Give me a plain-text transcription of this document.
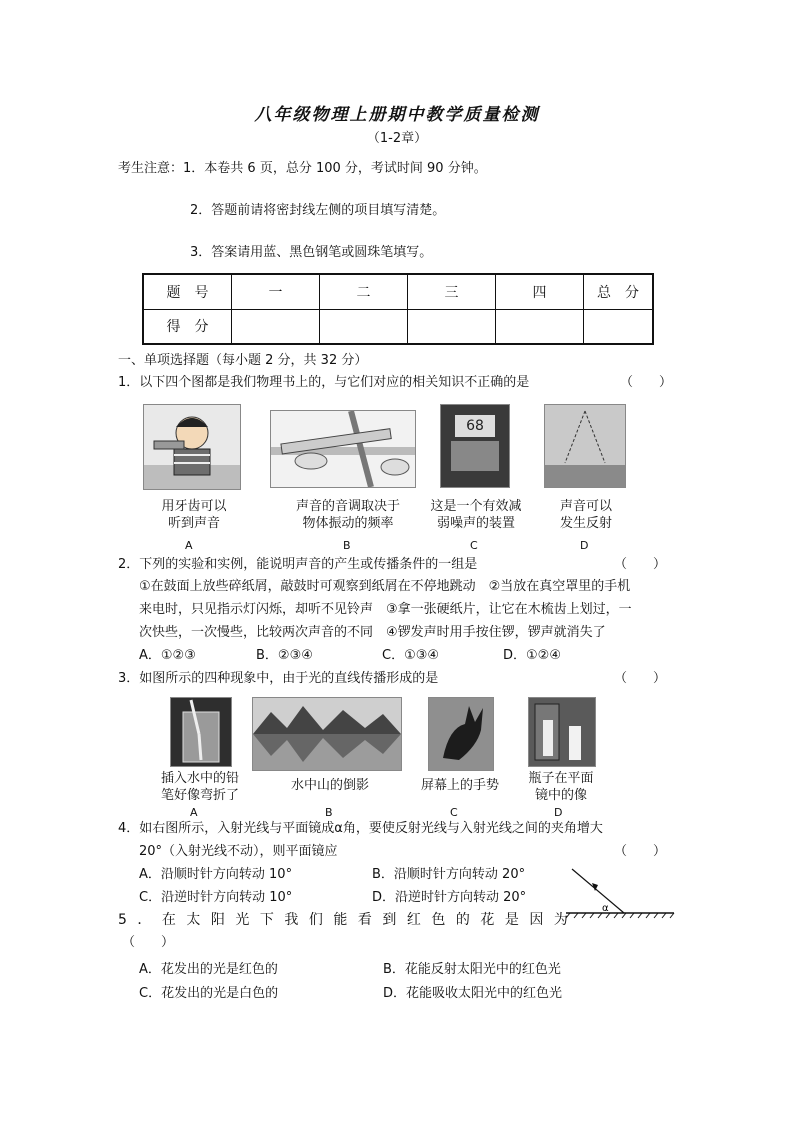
八年级物理上册期中教学质量检测
（1-2章）
考生注意：1．本卷共 6 页，总分 100 分，考试时间 90 分钟。
2．答题前请将密封线左侧的项目填写清楚。
3．答案请用蓝、黑色钢笔或圆珠笔填写。
题　号	一	二	三	四	总　分
得　分					
一、单项选择题（每小题 2 分，共 32 分）
1．以下四个图都是我们物理书上的，与它们对应的相关知识不正确的是	（　　）
68
用牙齿可以
听到声音
声音的音调取决于
物体振动的频率
这是一个有效减
弱噪声的装置
声音可以
发生反射
A	B	C	D
2．下列的实验和实例，能说明声音的产生或传播条件的一组是	（　　）
①在鼓面上放些碎纸屑，敲鼓时可观察到纸屑在不停地跳动　②当放在真空罩里的手机
来电时，只见指示灯闪烁，却听不见铃声　③拿一张硬纸片，让它在木梳齿上划过，一
次快些，一次慢些，比较两次声音的不同　④锣发声时用手按住锣，锣声就消失了
A．①②③	B．②③④	C．①③④	D．①②④
3．如图所示的四种现象中，由于光的直线传播形成的是	（　　）
插入水中的铅
笔好像弯折了
水中山的倒影	屏幕上的手势	瓶子在平面
镜中的像
A	B	C	D
4．如右图所示，入射光线与平面镜成α角，要使反射光线与入射光线之间的夹角增大
20°（入射光线不动），则平面镜应	（　　）
A．沿顺时针方向转动 10°	B．沿顺时针方向转动 20°
C．沿逆时针方向转动 10°	D．沿逆时针方向转动 20°
α
5．在太阳光下我们能看到红色的花是因为
（　　）
A．花发出的光是红色的	B．花能反射太阳光中的红色光
C．花发出的光是白色的	D．花能吸收太阳光中的红色光
